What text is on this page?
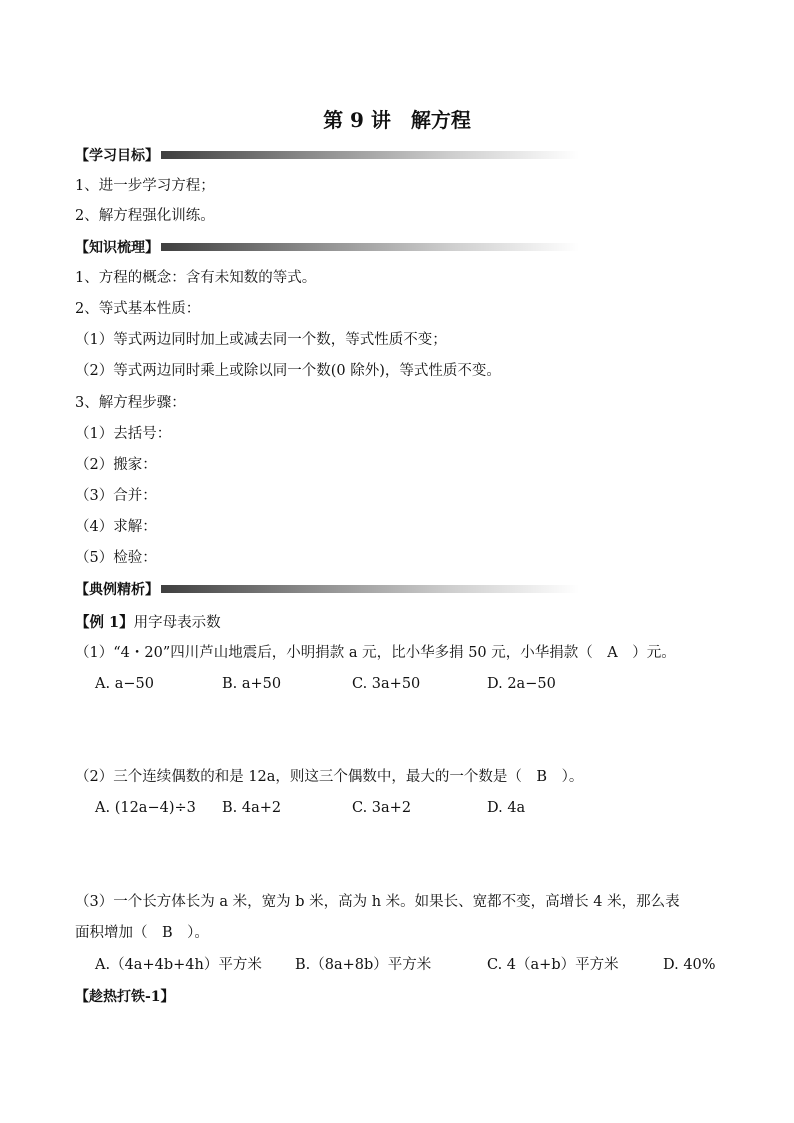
第 9 讲　解方程
【学习目标】
1、进一步学习方程；
2、解方程强化训练。
【知识梳理】
1、方程的概念：含有未知数的等式。
2、等式基本性质：
（1）等式两边同时加上或减去同一个数，等式性质不变；
（2）等式两边同时乘上或除以同一个数(0 除外)，等式性质不变。
3、解方程步骤：
（1）去括号：
（2）搬家：
（3）合并：
（4）求解：
（5）检验：
【典例精析】
【例 1】用字母表示数
（1）“4・20”四川芦山地震后，小明捐款 a 元，比小华多捐 50 元，小华捐款（　A　）元。
A. a−50	B. a+50	C. 3a+50	D. 2a−50
（2）三个连续偶数的和是 12a，则这三个偶数中，最大的一个数是（　B　）。
A. (12a−4)÷3 B. 4a+2	C. 3a+2	D. 4a
（3）一个长方体长为 a 米，宽为 b 米，高为 h 米。如果长、宽都不变，高增长 4 米，那么表
面积增加（　B　）。
A.（4a+4b+4h）平方米 B.（8a+8b）平方米	C. 4（a+b）平方米	D. 40%
【趁热打铁-1】
